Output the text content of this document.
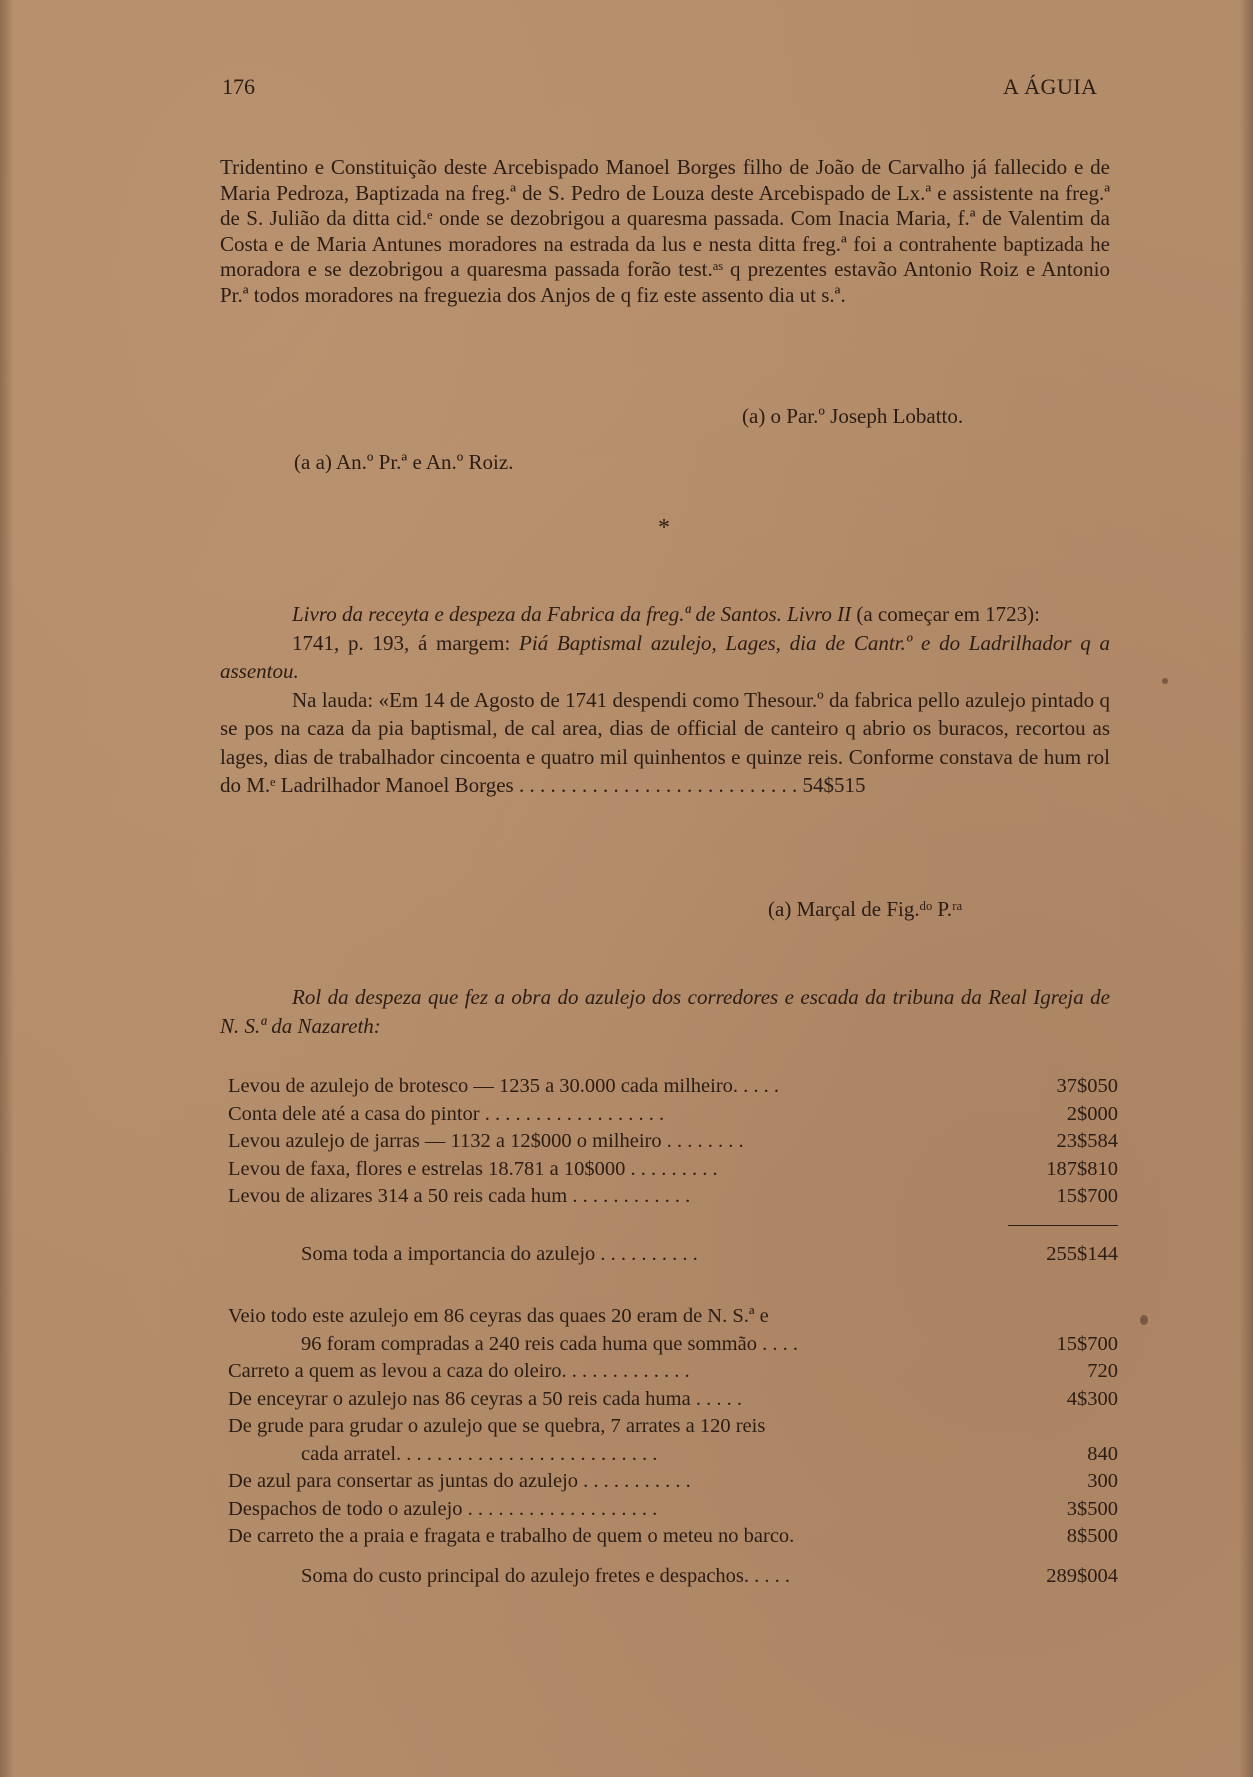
176	A ÁGUIA

Tridentino e Constituição deste Arcebispado Manoel Borges filho de João de Carvalho já fallecido e de Maria Pedroza, Baptizada na freg.ª de S. Pedro de Louza deste Arcebispado de Lx.ª e assistente na freg.ª de S. Julião da ditta cid.ᵉ onde se dezobrigou a quaresma passada. Com Inacia Maria, f.ª de Valentim da Costa e de Maria Antunes moradores na estrada da lus e nesta ditta freg.ª foi a contrahente baptizada he moradora e se dezobrigou a quaresma passada forão test.ᵃˢ q prezentes estavão Antonio Roiz e Antonio Pr.ª todos moradores na freguezia dos Anjos de q fiz este assento dia ut s.ª.

(a) o Par.º Joseph Lobatto.
(a a) An.º Pr.ª e An.º Roiz.
*
Livro da receyta e despeza da Fabrica da freg.ª de Santos. Livro II (a começar em 1723):
1741, p. 193, á margem: Piá Baptismal azulejo, Lages, dia de Cantr.º e do Ladrilhador q a assentou.
Na lauda: «Em 14 de Agosto de 1741 despendi como Thesour.º da fabrica pello azulejo pintado q se pos na caza da pia baptismal, de cal area, dias de official de canteiro q abrio os buracos, recortou as lages, dias de trabalhador cincoenta e quatro mil quinhentos e quinze reis. Conforme constava de hum rol do M.ᵉ Ladrilhador Manoel Borges . . . . . . . . . . . . . . . . . . . . . . . . . . . 54$515
(a) Marçal de Fig.ᵈᵒ P.ʳᵃ

Rol da despeza que fez a obra do azulejo dos corredores e escada da tribuna da Real Igreja de N. S.ª da Nazareth:

Levou de azulejo de brotesco — 1235 a 30.000 cada milheiro. . . . .	37$050
Conta dele até a casa do pintor . . . . . . . . . . . . . . . . . .	2$000
Levou azulejo de jarras — 1132 a 12$000 o milheiro . . . . . . . .	23$584
Levou de faxa, flores e estrelas 18.781 a 10$000 . . . . . . . . .	187$810
Levou de alizares 314 a 50 reis cada hum . . . . . . . . . . . .	15$700
Soma toda a importancia do azulejo . . . . . . . . . .	255$144
Veio todo este azulejo em 86 ceyras das quaes 20 eram de N. S.ª e
96 foram compradas a 240 reis cada huma que sommão . . . .	15$700
Carreto a quem as levou a caza do oleiro. . . . . . . . . . . . .	720
De enceyrar o azulejo nas 86 ceyras a 50 reis cada huma . . . . .	4$300
De grude para grudar o azulejo que se quebra, 7 arrates a 120 reis
cada arratel. . . . . . . . . . . . . . . . . . . . . . . . . .	840
De azul para consertar as juntas do azulejo . . . . . . . . . . .	300
Despachos de todo o azulejo . . . . . . . . . . . . . . . . . . .	3$500
De carreto the a praia e fragata e trabalho de quem o meteu no barco.	8$500
Soma do custo principal do azulejo fretes e despachos. . . . .	289$004
